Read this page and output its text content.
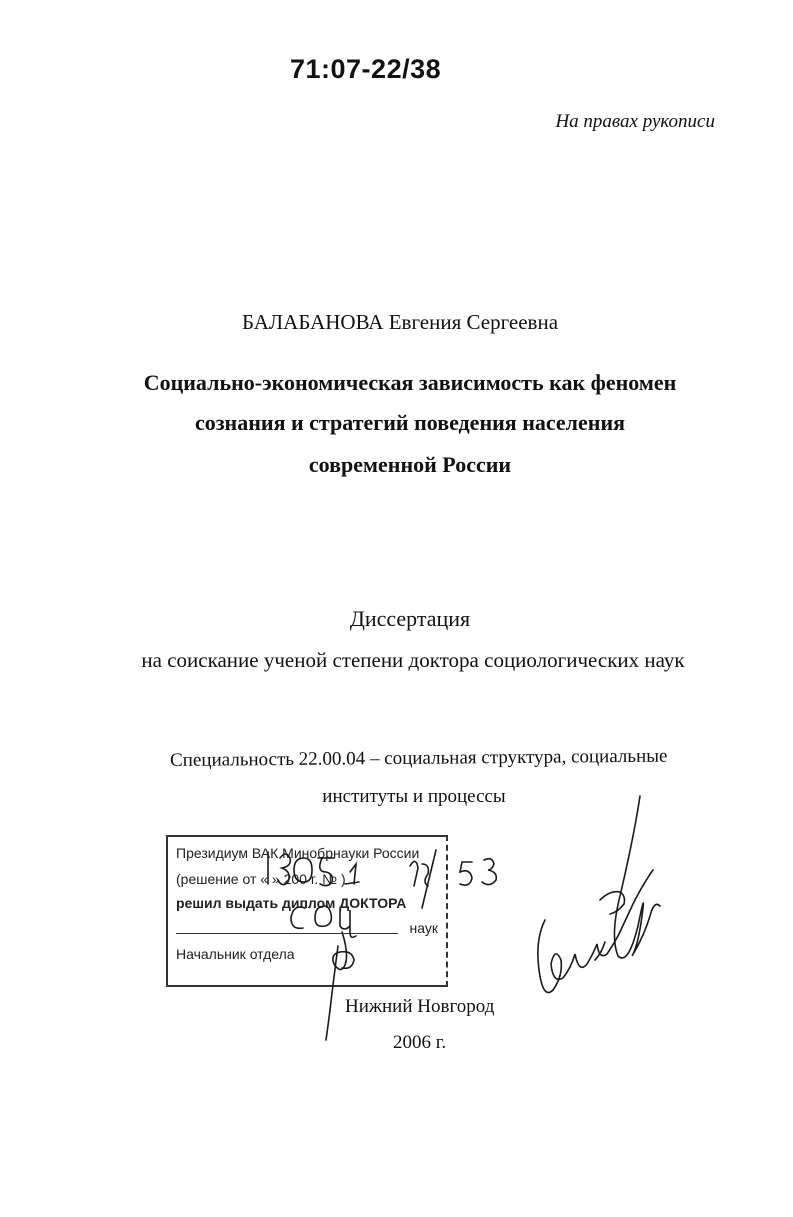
71:07-22/38
На правах рукописи
БАЛАБАНОВА Евгения Сергеевна
Социально-экономическая зависимость как феномен
сознания и стратегий поведения населения
современной России
Диссертация
на соискание ученой степени доктора социологических наук
Специальность 22.00.04 – социальная структура, социальные
институты и процессы
Президиум ВАК Минобрнауки России
(решение от « » 200 г. № )
решил выдать диплом ДОКТОРА
наук
Начальник отдела
Нижний Новгород
2006 г.
